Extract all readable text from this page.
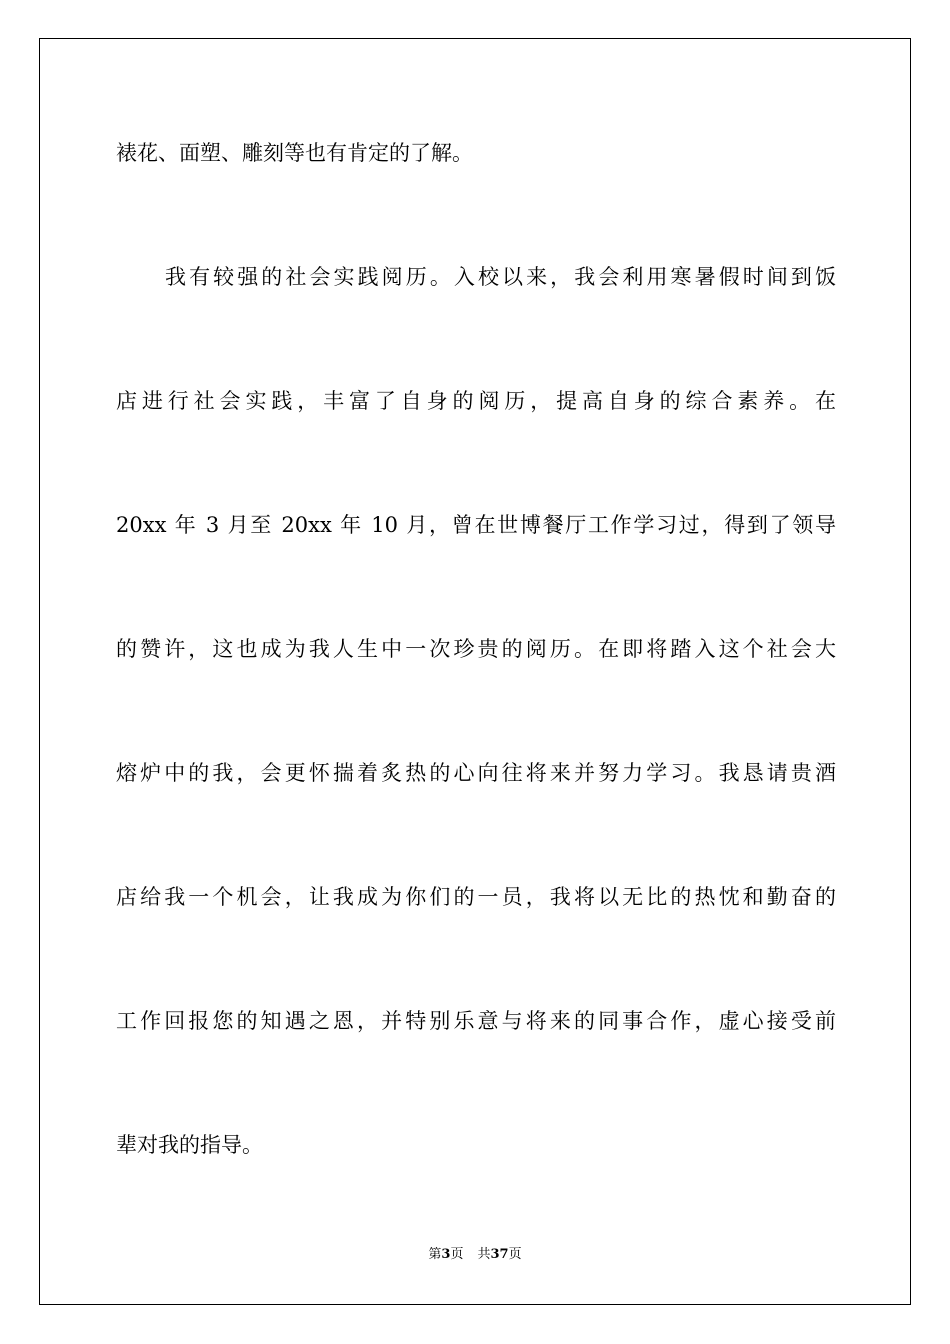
裱花、面塑、雕刻等也有肯定的了解。
我有较强的社会实践阅历。入校以来，我会利用寒暑假时间到饭
店进行社会实践，丰富了自身的阅历，提高自身的综合素养。在
20xx 年 3 月至 20xx 年 10 月，曾在世博餐厅工作学习过，得到了领导
的赞许，这也成为我人生中一次珍贵的阅历。在即将踏入这个社会大
熔炉中的我，会更怀揣着炙热的心向往将来并努力学习。我恳请贵酒
店给我一个机会，让我成为你们的一员，我将以无比的热忱和勤奋的
工作回报您的知遇之恩，并特别乐意与将来的同事合作，虚心接受前
辈对我的指导。
第3页 共37页
